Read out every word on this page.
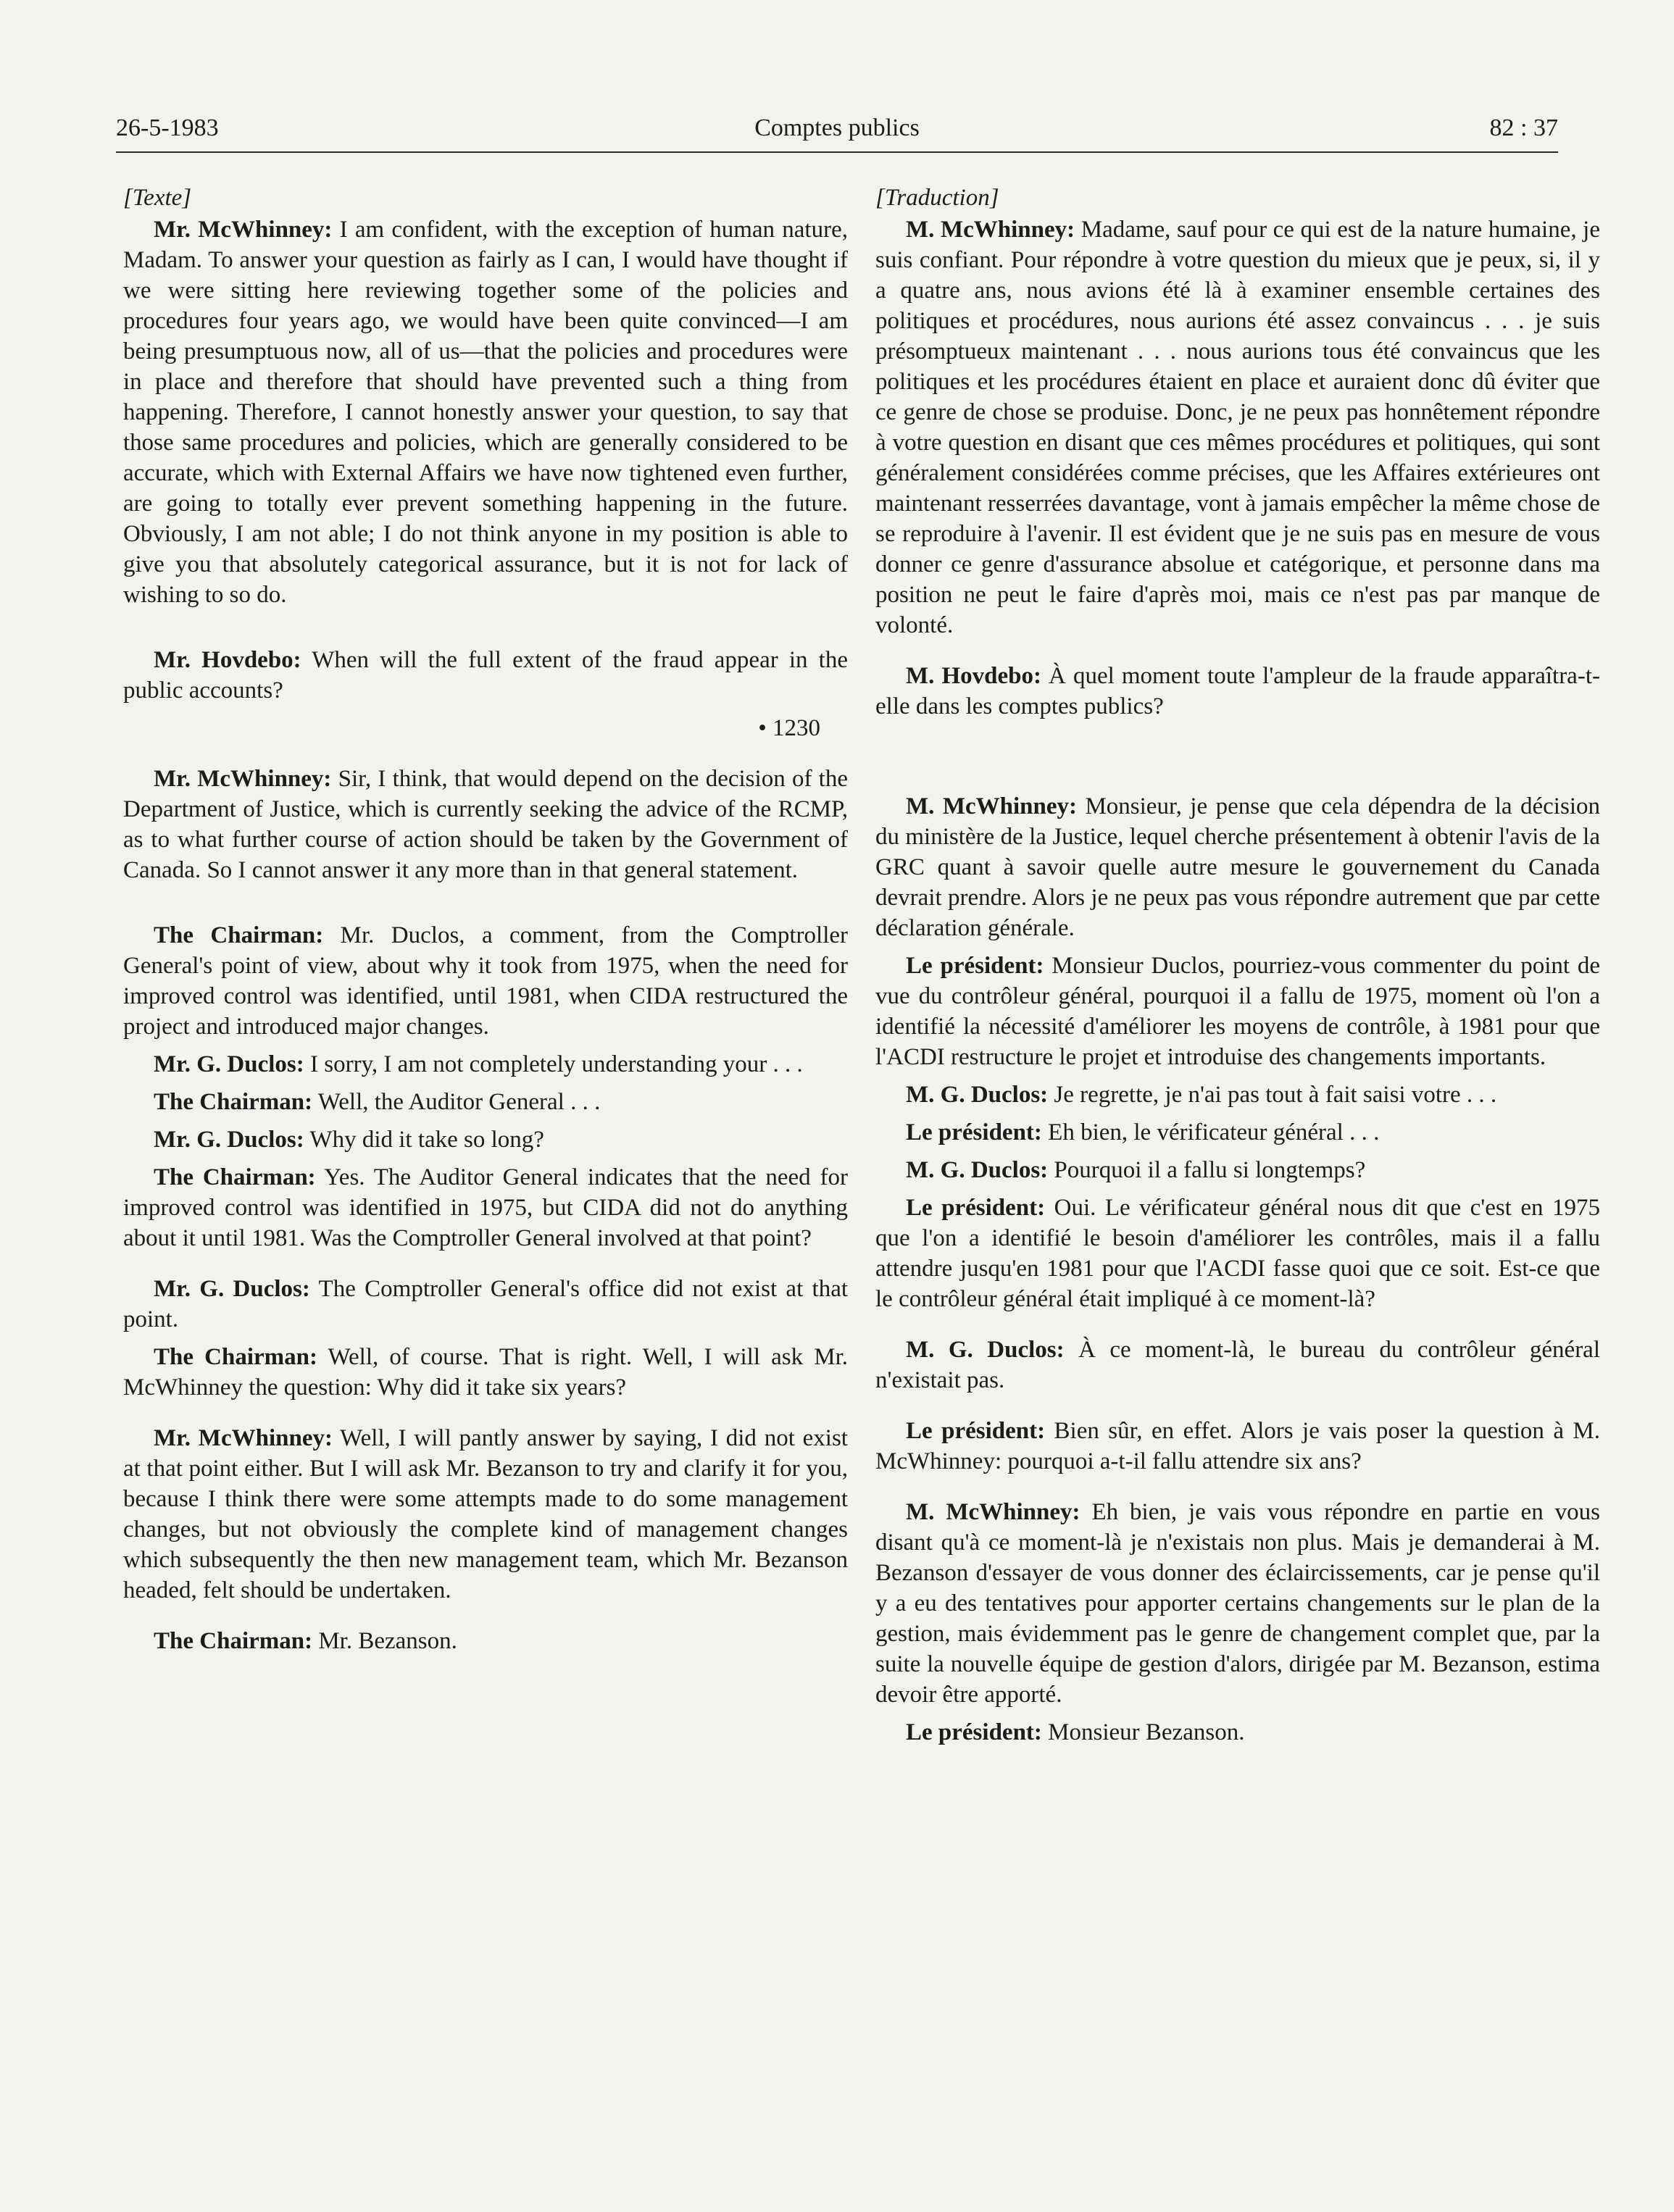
26-5-1983	Comptes publics	82 : 37

[Texte]

Mr. McWhinney: I am confident, with the exception of human nature, Madam. To answer your question as fairly as I can, I would have thought if we were sitting here reviewing together some of the policies and procedures four years ago, we would have been quite convinced—I am being presumptuous now, all of us—that the policies and procedures were in place and therefore that should have prevented such a thing from happening. Therefore, I cannot honestly answer your question, to say that those same procedures and policies, which are generally considered to be accurate, which with External Affairs we have now tightened even further, are going to totally ever prevent something happening in the future. Obviously, I am not able; I do not think anyone in my position is able to give you that absolutely categorical assurance, but it is not for lack of wishing to so do.

Mr. Hovdebo: When will the full extent of the fraud appear in the public accounts?

• 1230

Mr. McWhinney: Sir, I think, that would depend on the decision of the Department of Justice, which is currently seeking the advice of the RCMP, as to what further course of action should be taken by the Government of Canada. So I cannot answer it any more than in that general statement.

The Chairman: Mr. Duclos, a comment, from the Comptroller General's point of view, about why it took from 1975, when the need for improved control was identified, until 1981, when CIDA restructured the project and introduced major changes.

Mr. G. Duclos: I sorry, I am not completely understanding your . . .

The Chairman: Well, the Auditor General . . .

Mr. G. Duclos: Why did it take so long?

The Chairman: Yes. The Auditor General indicates that the need for improved control was identified in 1975, but CIDA did not do anything about it until 1981. Was the Comptroller General involved at that point?

Mr. G. Duclos: The Comptroller General's office did not exist at that point.

The Chairman: Well, of course. That is right. Well, I will ask Mr. McWhinney the question: Why did it take six years?

Mr. McWhinney: Well, I will pantly answer by saying, I did not exist at that point either. But I will ask Mr. Bezanson to try and clarify it for you, because I think there were some attempts made to do some management changes, but not obviously the complete kind of management changes which subsequently the then new management team, which Mr. Bezanson headed, felt should be undertaken.

The Chairman: Mr. Bezanson.

[Traduction]

M. McWhinney: Madame, sauf pour ce qui est de la nature humaine, je suis confiant. Pour répondre à votre question du mieux que je peux, si, il y a quatre ans, nous avions été là à examiner ensemble certaines des politiques et procédures, nous aurions été assez convaincus . . . je suis présomptueux maintenant . . . nous aurions tous été convaincus que les politiques et les procédures étaient en place et auraient donc dû éviter que ce genre de chose se produise. Donc, je ne peux pas honnêtement répondre à votre question en disant que ces mêmes procédures et politiques, qui sont généralement considérées comme précises, que les Affaires extérieures ont maintenant resserrées davantage, vont à jamais empêcher la même chose de se reproduire à l'avenir. Il est évident que je ne suis pas en mesure de vous donner ce genre d'assurance absolue et catégorique, et personne dans ma position ne peut le faire d'après moi, mais ce n'est pas par manque de volonté.

M. Hovdebo: À quel moment toute l'ampleur de la fraude apparaîtra-t-elle dans les comptes publics?

M. McWhinney: Monsieur, je pense que cela dépendra de la décision du ministère de la Justice, lequel cherche présentement à obtenir l'avis de la GRC quant à savoir quelle autre mesure le gouvernement du Canada devrait prendre. Alors je ne peux pas vous répondre autrement que par cette déclaration générale.

Le président: Monsieur Duclos, pourriez-vous commenter du point de vue du contrôleur général, pourquoi il a fallu de 1975, moment où l'on a identifié la nécessité d'améliorer les moyens de contrôle, à 1981 pour que l'ACDI restructure le projet et introduise des changements importants.

M. G. Duclos: Je regrette, je n'ai pas tout à fait saisi votre . . .

Le président: Eh bien, le vérificateur général . . .

M. G. Duclos: Pourquoi il a fallu si longtemps?

Le président: Oui. Le vérificateur général nous dit que c'est en 1975 que l'on a identifié le besoin d'améliorer les contrôles, mais il a fallu attendre jusqu'en 1981 pour que l'ACDI fasse quoi que ce soit. Est-ce que le contrôleur général était impliqué à ce moment-là?

M. G. Duclos: À ce moment-là, le bureau du contrôleur général n'existait pas.

Le président: Bien sûr, en effet. Alors je vais poser la question à M. McWhinney: pourquoi a-t-il fallu attendre six ans?

M. McWhinney: Eh bien, je vais vous répondre en partie en vous disant qu'à ce moment-là je n'existais non plus. Mais je demanderai à M. Bezanson d'essayer de vous donner des éclaircissements, car je pense qu'il y a eu des tentatives pour apporter certains changements sur le plan de la gestion, mais évidemment pas le genre de changement complet que, par la suite la nouvelle équipe de gestion d'alors, dirigée par M. Bezanson, estima devoir être apporté.

Le président: Monsieur Bezanson.
